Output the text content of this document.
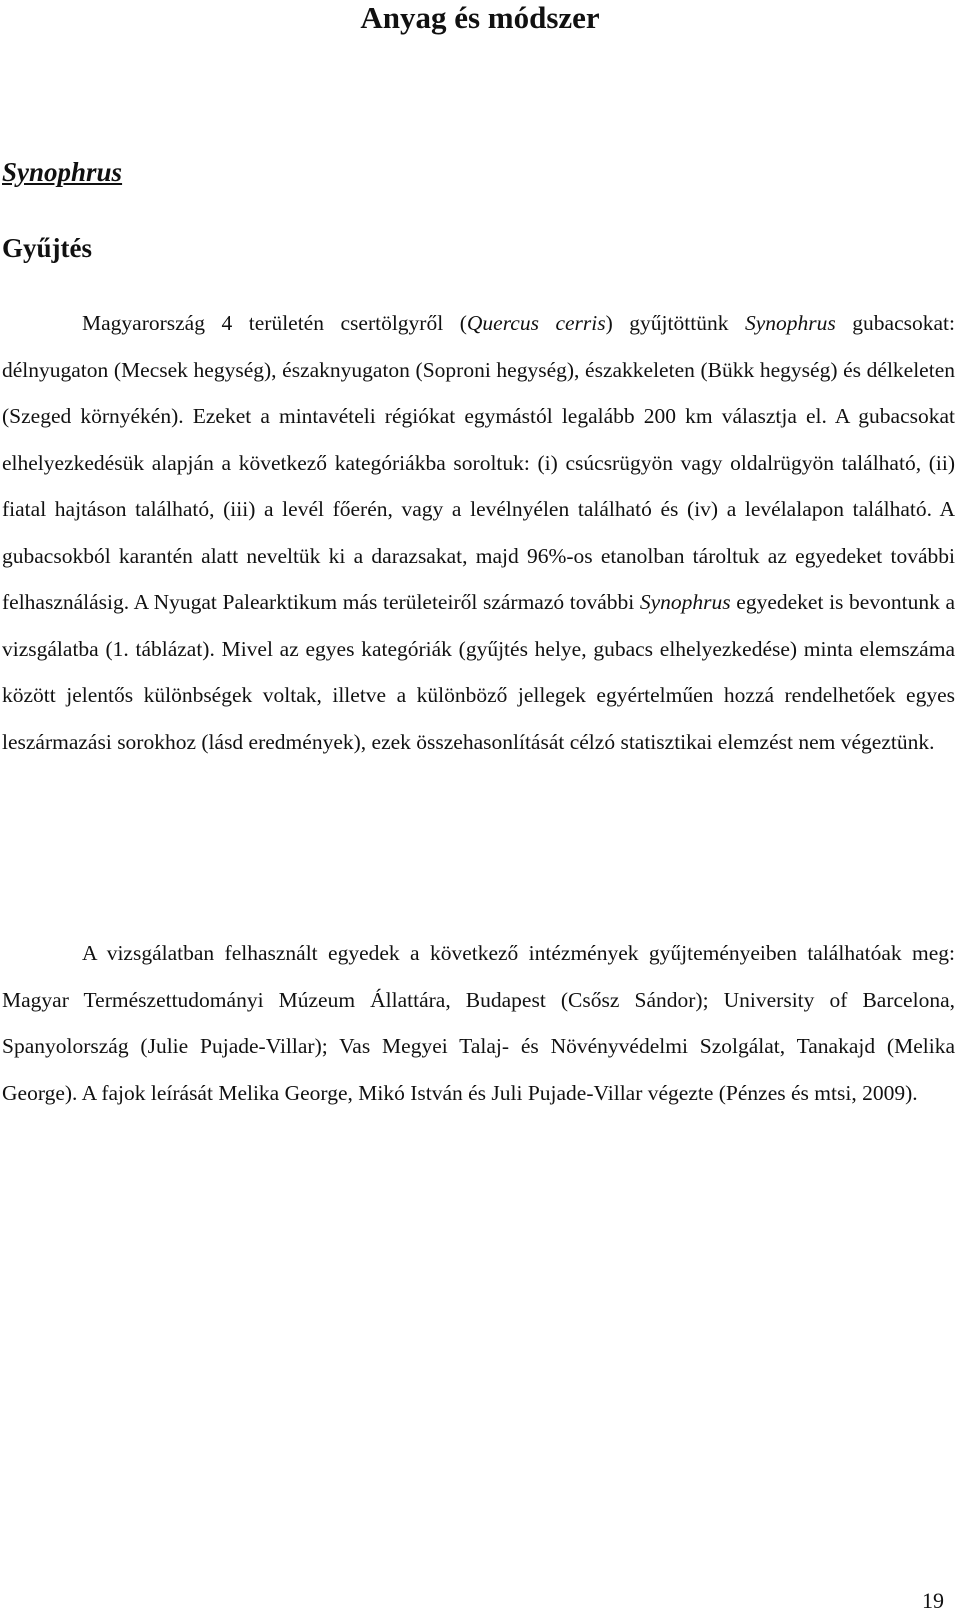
Anyag és módszer
Synophrus
Gyűjtés

Magyarország 4 területén csertölgyről (Quercus cerris) gyűjtöttünk Synophrus gubacsokat: délnyugaton (Mecsek hegység), északnyugaton (Soproni hegység), északkeleten (Bükk hegység) és délkeleten (Szeged környékén). Ezeket a mintavételi régiókat egymástól legalább 200 km választja el. A gubacsokat elhelyezkedésük alapján a következő kategóriákba soroltuk: (i) csúcsrügyön vagy oldalrügyön található, (ii) fiatal hajtáson található, (iii) a levél főerén, vagy a levélnyélen található és (iv) a levélalapon található. A gubacsokból karantén alatt neveltük ki a darazsakat, majd 96%-os etanolban tároltuk az egyedeket további felhasználásig. A Nyugat Palearktikum más területeiről származó további Synophrus egyedeket is bevontunk a vizsgálatba (1. táblázat). Mivel az egyes kategóriák (gyűjtés helye, gubacs elhelyezkedése) minta elemszáma között jelentős különbségek voltak, illetve a különböző jellegek egyértelműen hozzá rendelhetőek egyes leszármazási sorokhoz (lásd eredmények), ezek összehasonlítását célzó statisztikai elemzést nem végeztünk.

A vizsgálatban felhasznált egyedek a következő intézmények gyűjteményeiben találhatóak meg: Magyar Természettudományi Múzeum Állattára, Budapest (Csősz Sándor); University of Barcelona, Spanyolország (Julie Pujade-Villar); Vas Megyei Talaj- és Növényvédelmi Szolgálat, Tanakajd (Melika George). A fajok leírását Melika George, Mikó István és Juli Pujade-Villar végezte (Pénzes és mtsi, 2009).

19
